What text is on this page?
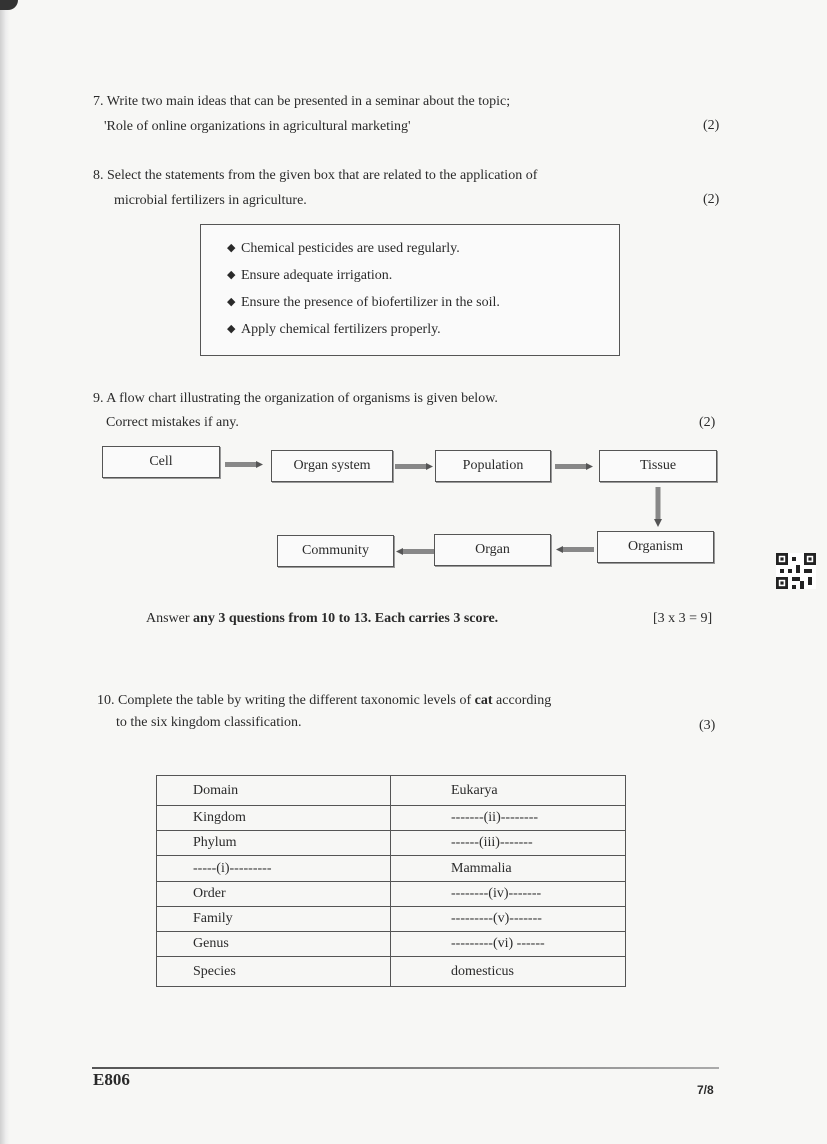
7. Write two main ideas that can be presented in a seminar about the topic;
'Role of online organizations in agricultural marketing'	(2)
8. Select the statements from the given box that are related to the application of
microbial fertilizers in agriculture.	(2)
◆ Chemical pesticides are used regularly.
◆ Ensure adequate irrigation.
◆ Ensure the presence of biofertilizer in the soil.
◆ Apply chemical fertilizers properly.
9. A flow chart illustrating the organization of organisms is given below.
Correct mistakes if any.	(2)
Cell	Organ system	Population	Tissue
Community	Organ	Organism
Answer any 3 questions from 10 to 13. Each carries 3 score.	[3 x 3 = 9]
10. Complete the table by writing the different taxonomic levels of cat according
to the six kingdom classification.	(3)
Domain	Eukarya
Kingdom	-------(ii)--------
Phylum	------(iii)-------
-----(i)---------	Mammalia
Order	--------(iv)-------
Family	---------(v)-------
Genus	---------(vi) ------
Species	domesticus
E806
7/8
